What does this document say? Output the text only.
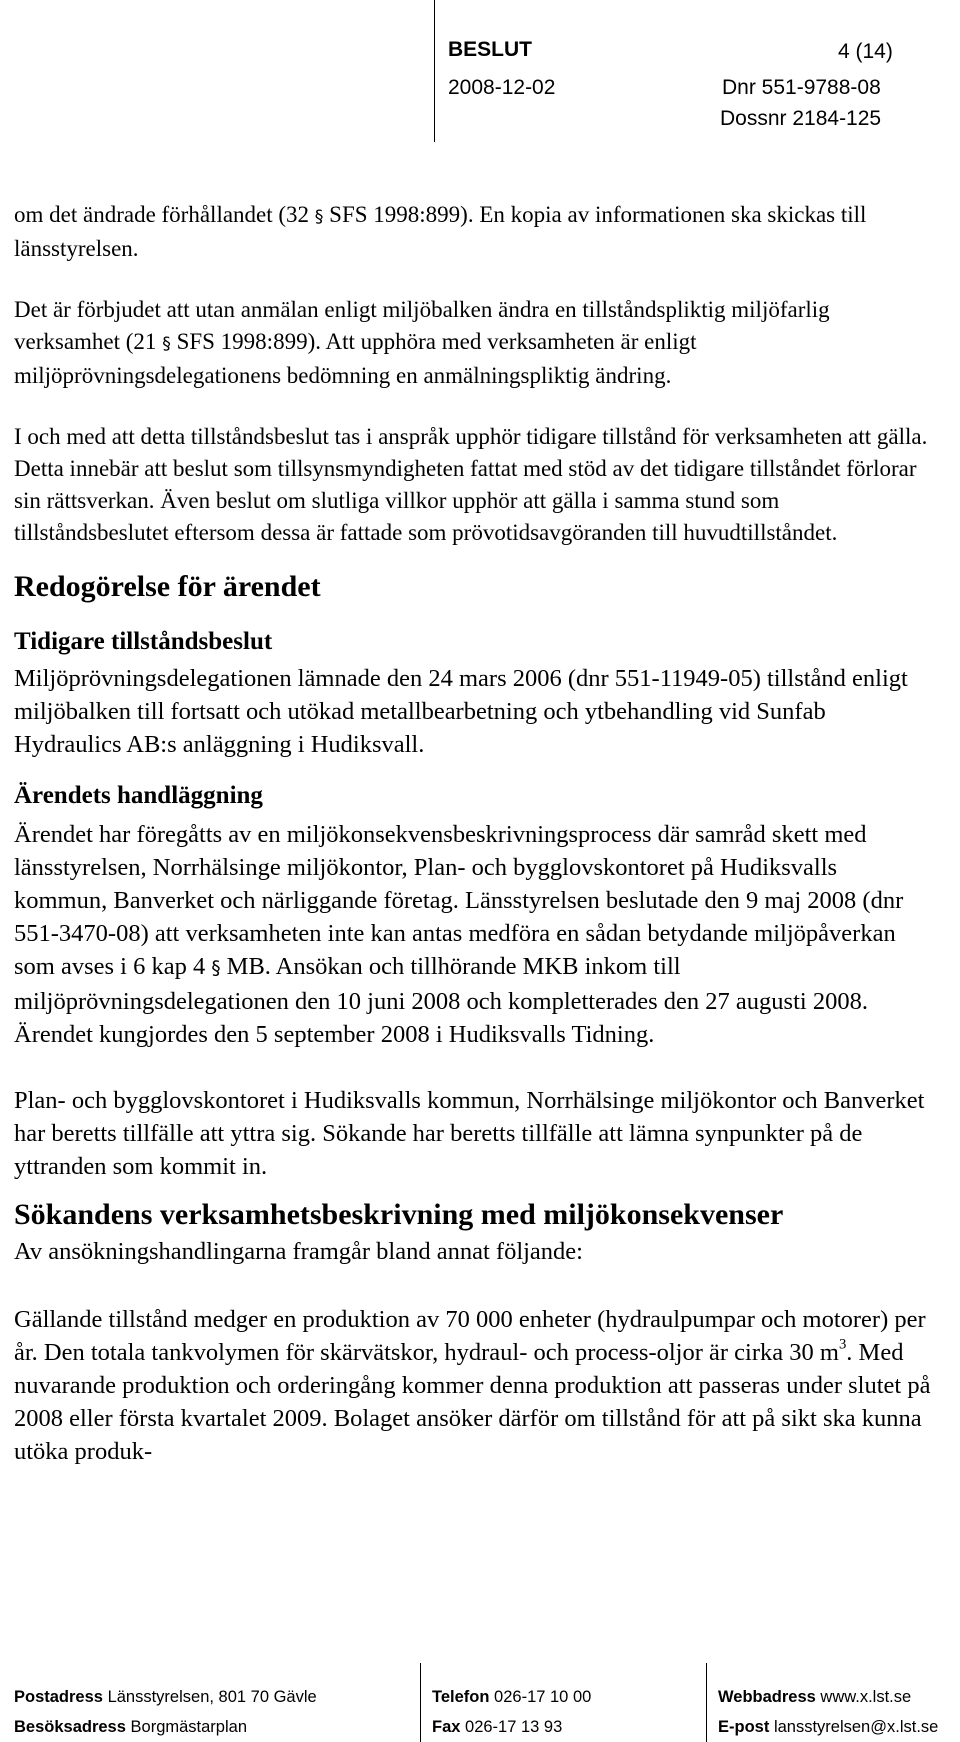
BESLUT	4 (14)
2008-12-02	Dnr 551-9788-08
Dossnr 2184-125

om det ändrade förhållandet (32 § SFS 1998:899). En kopia av informationen ska skickas till länsstyrelsen.

Det är förbjudet att utan anmälan enligt miljöbalken ändra en tillståndspliktig miljöfarlig verksamhet (21 § SFS 1998:899). Att upphöra med verksamheten är enligt miljöprövningsdelegationens bedömning en anmälningspliktig ändring.

I och med att detta tillståndsbeslut tas i anspråk upphör tidigare tillstånd för verksamheten att gälla. Detta innebär att beslut som tillsynsmyndigheten fattat med stöd av det tidigare tillståndet förlorar sin rättsverkan. Även beslut om slutliga villkor upphör att gälla i samma stund som tillståndsbeslutet eftersom dessa är fattade som prövotidsavgöranden till huvudtillståndet.

Redogörelse för ärendet
Tidigare tillståndsbeslut

Miljöprövningsdelegationen lämnade den 24 mars 2006 (dnr 551-11949-05) tillstånd enligt miljöbalken till fortsatt och utökad metallbearbetning och ytbehandling vid Sunfab Hydraulics AB:s anläggning i Hudiksvall.

Ärendets handläggning

Ärendet har föregåtts av en miljökonsekvensbeskrivningsprocess där samråd skett med länsstyrelsen, Norrhälsinge miljökontor, Plan- och bygglovskontoret på Hudiksvalls kommun, Banverket och närliggande företag. Länsstyrelsen beslutade den 9 maj 2008 (dnr 551-3470-08) att verksamheten inte kan antas medföra en sådan betydande miljöpåverkan som avses i 6 kap 4 § MB. Ansökan och tillhörande MKB inkom till miljöprövningsdelegationen den 10 juni 2008 och kompletterades den 27 augusti 2008. Ärendet kungjordes den 5 september 2008 i Hudiksvalls Tidning.

Plan- och bygglovskontoret i Hudiksvalls kommun, Norrhälsinge miljökontor och Banverket har beretts tillfälle att yttra sig. Sökande har beretts tillfälle att lämna synpunkter på de yttranden som kommit in.

Sökandens verksamhetsbeskrivning med miljökonsekvenser

Av ansökningshandlingarna framgår bland annat följande:

Gällande tillstånd medger en produktion av 70 000 enheter (hydraulpumpar och motorer) per år. Den totala tankvolymen för skärvätskor, hydraul- och process-oljor är cirka 30 $m^3$. Med nuvarande produktion och orderingång kommer denna produktion att passeras under slutet på 2008 eller första kvartalet 2009. Bolaget ansöker därför om tillstånd för att på sikt ska kunna utöka produk-

Postadress Länsstyrelsen, 801 70 Gävle
Besöksadress Borgmästarplan
Telefon 026-17 10 00
Fax 026-17 13 93
Webbadress www.x.lst.se
E-post lansstyrelsen@x.lst.se
